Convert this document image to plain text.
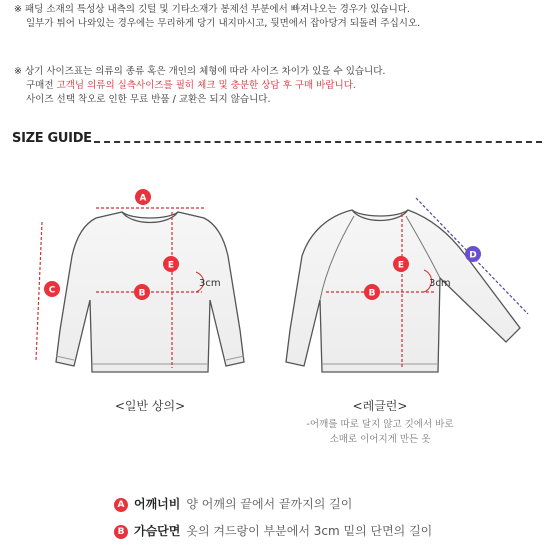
※ 패딩 소재의 특성상 내측의 깃털 및 기타소재가 봉제선 부분에서 빠져나오는 경우가 있습니다.
일부가 튀어 나와있는 경우에는 무리하게 당기 내지마시고, 뒷면에서 잡아당겨 되돌려 주십시오.
※ 상기 사이즈표는 의류의 종류 혹은 개인의 체형에 따라 사이즈 차이가 있을 수 있습니다.
구매전 고객님 의류의 실측사이즈를 필히 체크 및 충분한 상담 후 구매 바랍니다.
사이즈 선택 착오로 인한 무료 반품 / 교환은 되지 않습니다.
SIZE GUIDE
A
B
C
E
3cm
B
E
D
3cm
<일반 상의>	<레글런>
-어깨를 따로 달지 않고 깃에서 바로
소매로 이어지게 만든 옷
A 어깨너비 양 어깨의 끝에서 끝까지의 길이
B 가슴단면 옷의 겨드랑이 부분에서 3cm 밑의 단면의 길이
